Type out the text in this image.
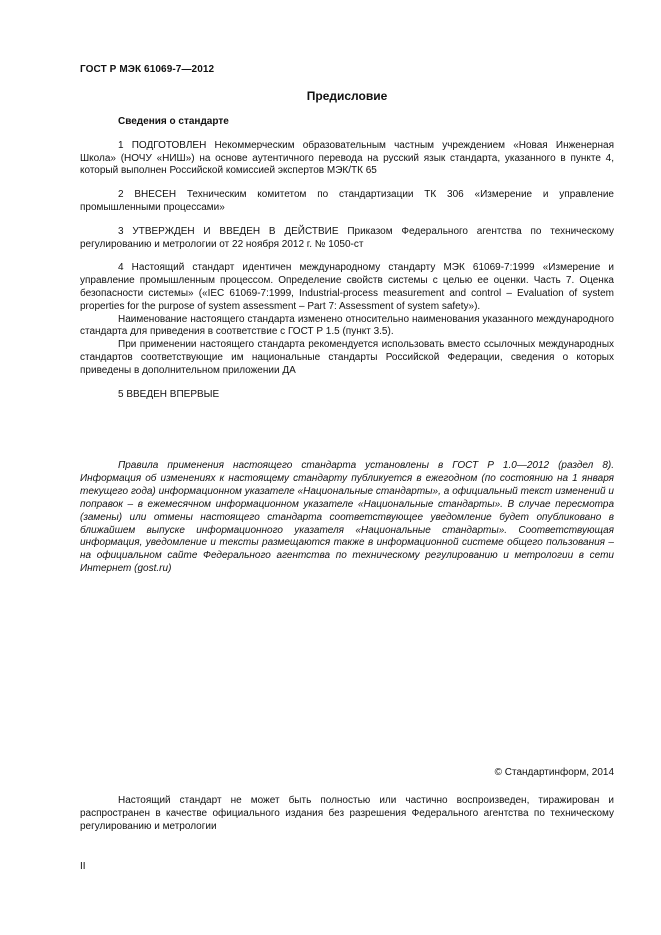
ГОСТ Р МЭК 61069-7—2012
Предисловие

Сведения о стандарте

1 ПОДГОТОВЛЕН Некоммерческим образовательным частным учреждением «Новая Инженерная Школа» (НОЧУ «НИШ») на основе аутентичного перевода на русский язык стандарта, указанного в пункте 4, который выполнен Российской комиссией экспертов МЭК/ТК 65

2 ВНЕСЕН Техническим комитетом по стандартизации ТК 306 «Измерение и управление промышленными процессами»

3 УТВЕРЖДЕН И ВВЕДЕН В ДЕЙСТВИЕ Приказом Федерального агентства по техническому регулированию и метрологии от 22 ноября 2012 г. № 1050-ст

4 Настоящий стандарт идентичен международному стандарту МЭК 61069-7:1999 «Измерение и управление промышленным процессом. Определение свойств системы с целью ее оценки. Часть 7. Оценка безопасности системы» («IEC 61069-7:1999, Industrial-process measurement and control – Evaluation of system properties for the purpose of system assessment – Part 7: Assessment of system safety»).

Наименование настоящего стандарта изменено относительно наименования указанного международного стандарта для приведения в соответствие с ГОСТ Р 1.5 (пункт 3.5).

При применении настоящего стандарта рекомендуется использовать вместо ссылочных международных стандартов соответствующие им национальные стандарты Российской Федерации, сведения о которых приведены в дополнительном приложении ДА

5 ВВЕДЕН ВПЕРВЫЕ

Правила применения настоящего стандарта установлены в ГОСТ Р 1.0—2012 (раздел 8). Информация об изменениях к настоящему стандарту публикуется в ежегодном (по состоянию на 1 января текущего года) информационном указателе «Национальные стандарты», а официальный текст изменений и поправок – в ежемесячном информационном указателе «Национальные стандарты». В случае пересмотра (замены) или отмены настоящего стандарта соответствующее уведомление будет опубликовано в ближайшем выпуске информационного указателя «Национальные стандарты». Соответствующая информация, уведомление и тексты размещаются также в информационной системе общего пользования – на официальном сайте Федерального агентства по техническому регулированию и метрологии в сети Интернет (gost.ru)

© Стандартинформ, 2014

Настоящий стандарт не может быть полностью или частично воспроизведен, тиражирован и распространен в качестве официального издания без разрешения Федерального агентства по техническому регулированию и метрологии

II
